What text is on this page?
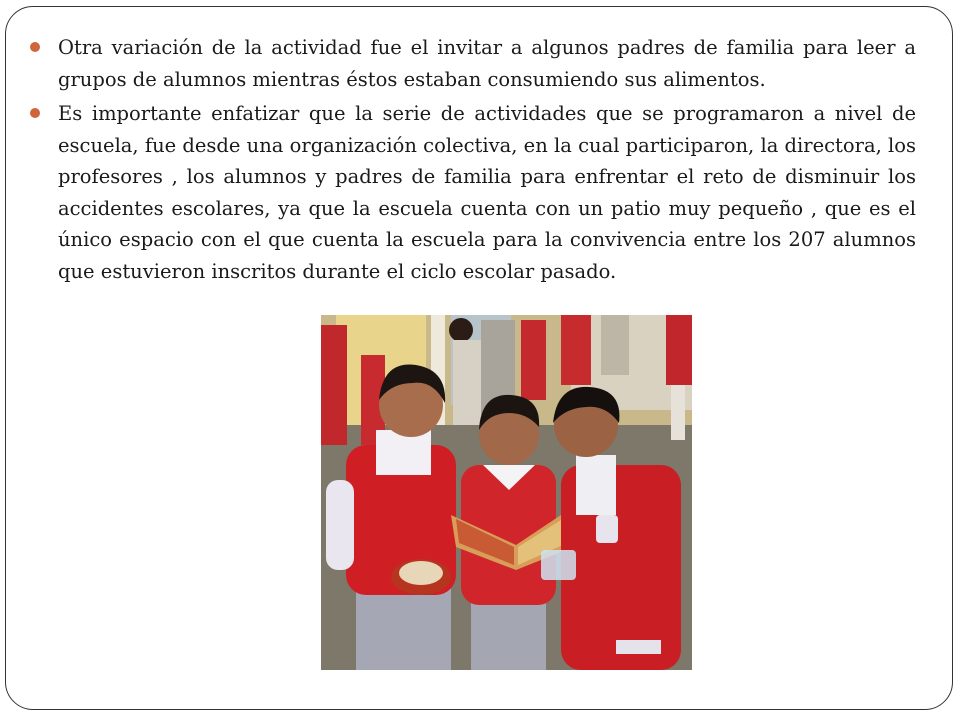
Otra variación de la actividad fue el invitar a algunos padres de familia para leer a grupos de alumnos mientras éstos estaban consumiendo sus alimentos.
Es importante enfatizar que la serie de actividades que se programaron a nivel de escuela, fue desde una organización colectiva, en la cual participaron, la directora, los profesores , los alumnos y padres de familia para enfrentar el reto de disminuir los accidentes escolares, ya que la escuela cuenta con un patio muy pequeño , que es el único espacio con el que cuenta la escuela para la convivencia entre los 207 alumnos que estuvieron inscritos durante el ciclo escolar pasado.
